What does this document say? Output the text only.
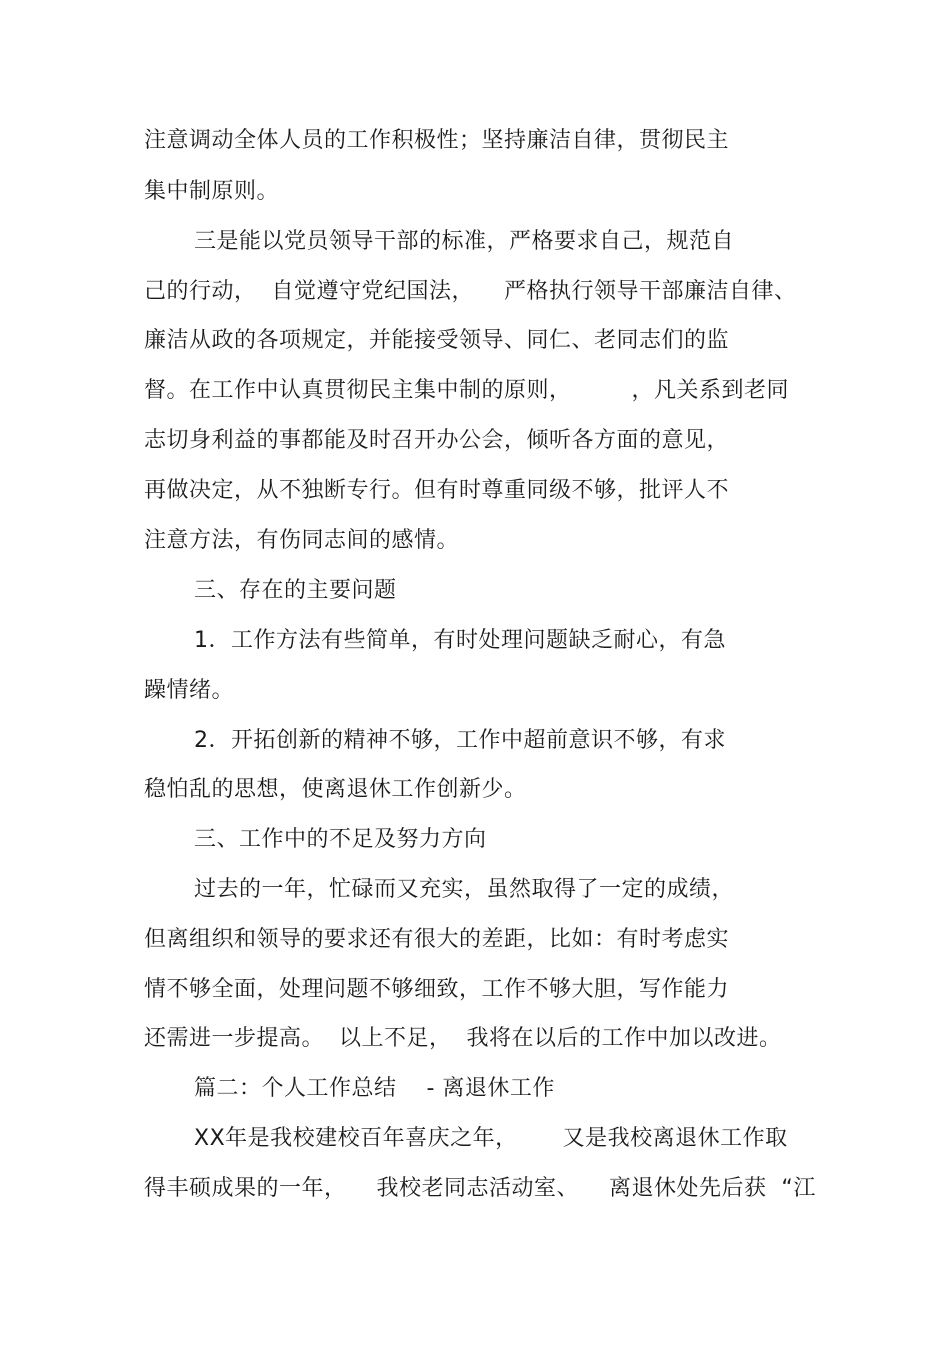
注意调动全体人员的工作积极性；坚持廉洁自律，贯彻民主
集中制原则。
三是能以党员领导干部的标准，严格要求自己，规范自
己的行动，  自觉遵守党纪国法，    严格执行领导干部廉洁自律、
廉洁从政的各项规定，并能接受领导、同仁、老同志们的监
督。在工作中认真贯彻民主集中制的原则，        ，凡关系到老同
志切身利益的事都能及时召开办公会，倾听各方面的意见，
再做决定，从不独断专行。但有时尊重同级不够，批评人不
注意方法，有伤同志间的感情。
三、存在的主要问题
1．工作方法有些简单，有时处理问题缺乏耐心，有急
躁情绪。
2．开拓创新的精神不够，工作中超前意识不够，有求
稳怕乱的思想，使离退休工作创新少。
三、工作中的不足及努力方向
过去的一年，忙碌而又充实，虽然取得了一定的成绩，
但离组织和领导的要求还有很大的差距，比如：有时考虑实
情不够全面，处理问题不够细致，工作不够大胆，写作能力
还需进一步提高。  以上不足，  我将在以后的工作中加以改进。
篇二：个人工作总结    - 离退休工作
XX年是我校建校百年喜庆之年，      又是我校离退休工作取
得丰硕成果的一年，    我校老同志活动室、    离退休处先后获  “江
